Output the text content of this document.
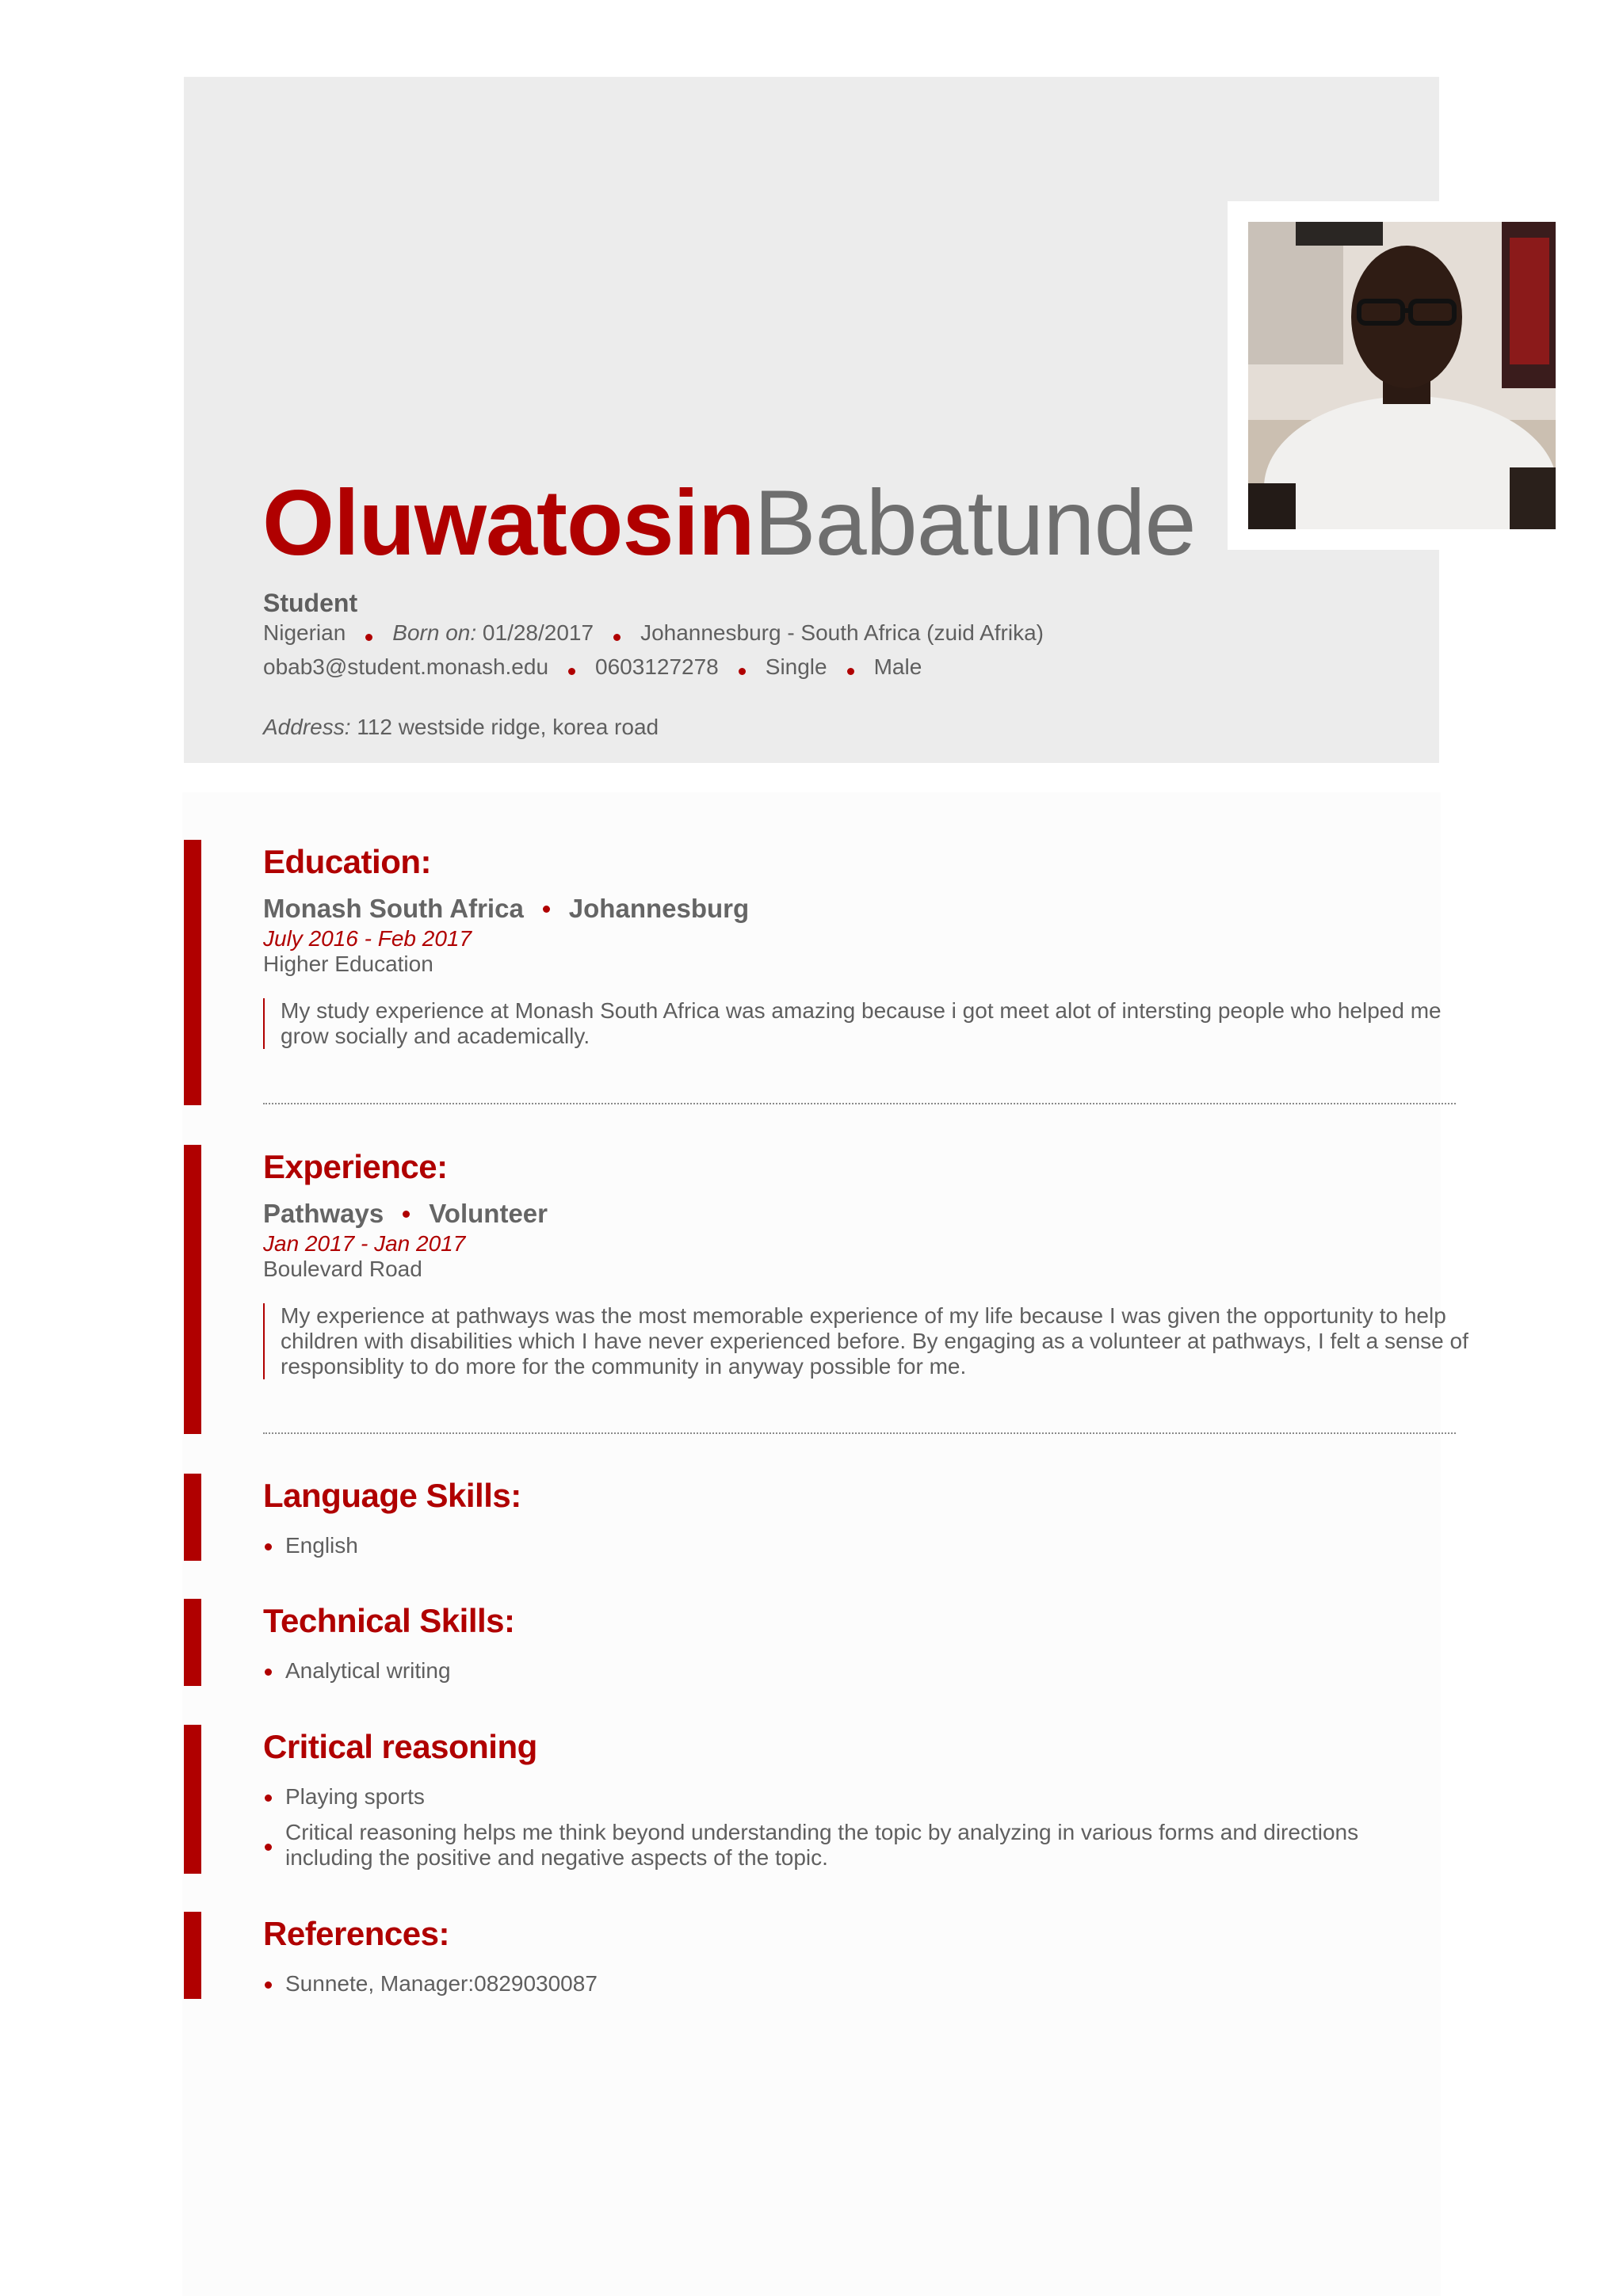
OluwatosinBabatunde
Student
Nigerian Born on: 01/28/2017 Johannesburg - South Africa (zuid Afrika)
obab3@student.monash.edu 0603127278 Single Male
Address: 112 westside ridge, korea road
Education:
Monash South Africa Johannesburg
July 2016 - Feb 2017
Higher Education
My study experience at Monash South Africa was amazing because i got meet alot of intersting people who helped me grow socially and academically.
Experience:
Pathways Volunteer
Jan 2017 - Jan 2017
Boulevard Road
My experience at pathways was the most memorable experience of my life because I was given the opportunity to help children with disabilities which I have never experienced before. By engaging as a volunteer at pathways, I felt a sense of responsiblity to do more for the community in anyway possible for me.
Language Skills:
English
Technical Skills:
Analytical writing
Critical reasoning
Playing sports
Critical reasoning helps me think beyond understanding the topic by analyzing in various forms and directions including the positive and negative aspects of the topic.
References:
Sunnete, Manager:0829030087
